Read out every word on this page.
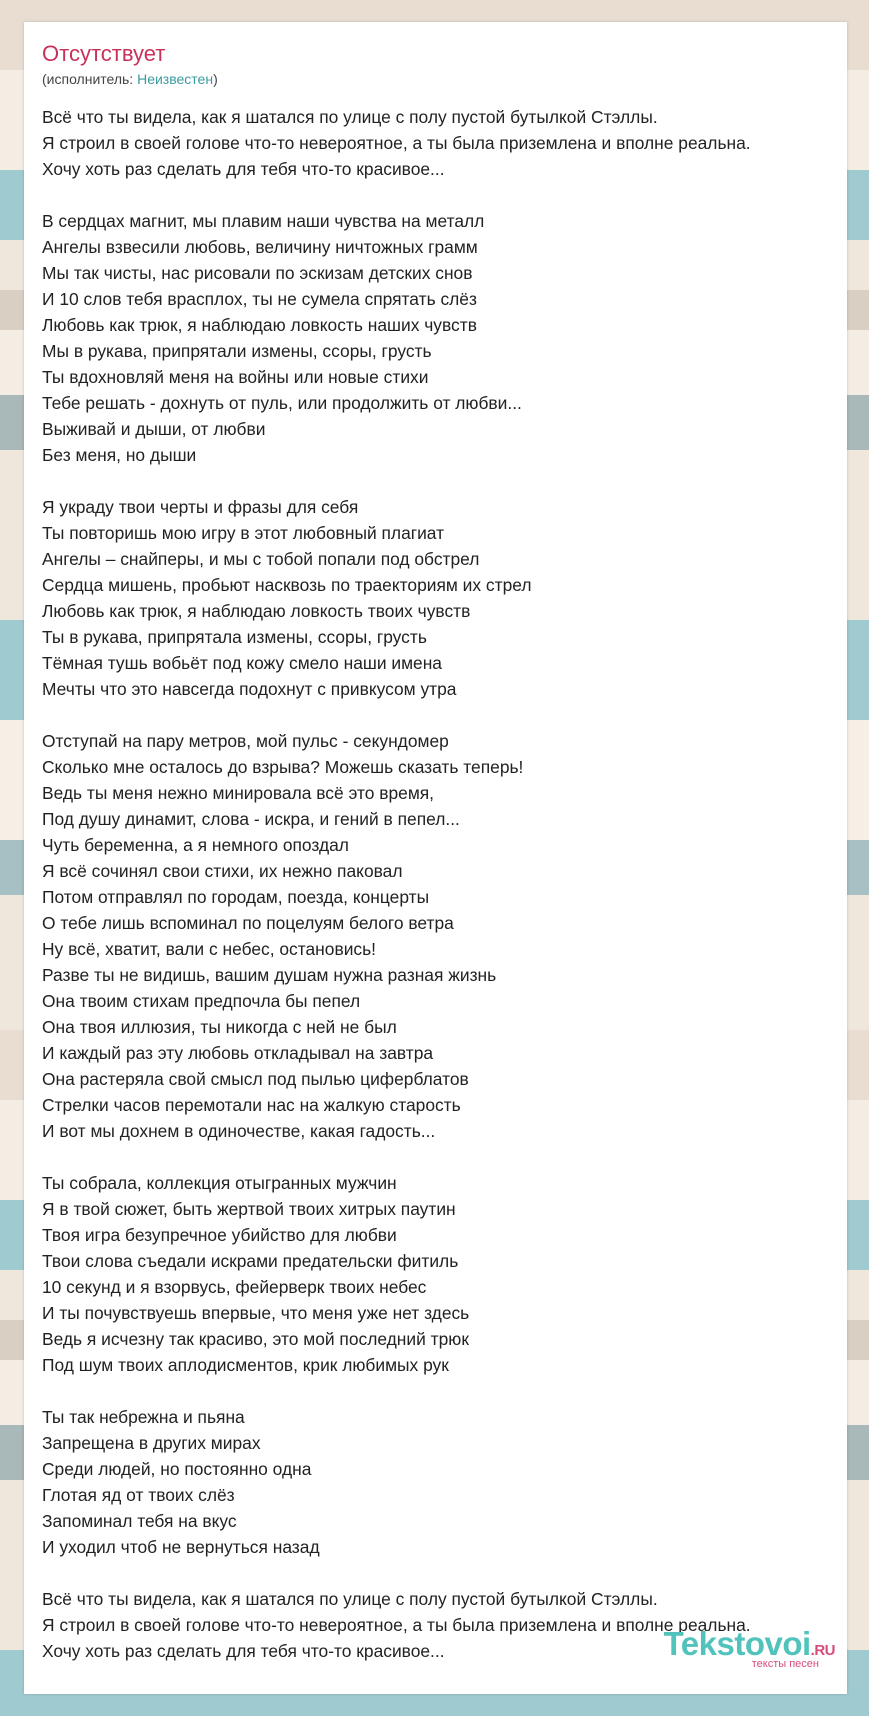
Отсутствует
(исполнитель: Неизвестен)
Всё что ты видела, как я шатался по улице с полу пустой бутылкой Стэллы.
Я строил в своей голове что-то невероятное, а ты была приземлена и вполне реальна.
Хочу хоть раз сделать для тебя что-то красивое...
В сердцах магнит, мы плавим наши чувства на металл
Ангелы взвесили любовь, величину ничтожных грамм
Мы так чисты, нас рисовали по эскизам детских снов
И 10 слов тебя врасплох, ты не сумела спрятать слёз
Любовь как трюк, я наблюдаю ловкость наших чувств
Мы в рукава, припрятали измены, ссоры, грусть
Ты вдохновляй меня на войны или новые стихи
Тебе решать - дохнуть от пуль, или продолжить от любви...
Выживай и дыши, от любви
Без меня, но дыши
Я украду твои черты и фразы для себя
Ты повторишь мою игру в этот любовный плагиат
Ангелы – снайперы, и мы с тобой попали под обстрел
Сердца мишень, пробьют насквозь по траекториям их стрел
Любовь как трюк, я наблюдаю ловкость твоих чувств
Ты в рукава, припрятала измены, ссоры, грусть
Тёмная тушь вобьёт под кожу смело наши имена
Мечты что это навсегда подохнут с привкусом утра
Отступай на пару метров, мой пульс - секундомер
Сколько мне осталось до взрыва? Можешь сказать теперь!
Ведь ты меня нежно минировала всё это время,
Под душу динамит, слова - искра, и гений в пепел...
Чуть беременна, а я немного опоздал
Я всё сочинял свои стихи, их нежно паковал
Потом отправлял по городам, поезда, концерты
О тебе лишь вспоминал по поцелуям белого ветра
Ну всё, хватит, вали с небес, остановись!
Разве ты не видишь, вашим душам нужна разная жизнь
Она твоим стихам предпочла бы пепел
Она твоя иллюзия, ты никогда с ней не был
И каждый раз эту любовь откладывал на завтра
Она растеряла свой смысл под пылью циферблатов
Стрелки часов перемотали нас на жалкую старость
И вот мы дохнем в одиночестве, какая гадость...
Ты собрала, коллекция отыгранных мужчин
Я в твой сюжет, быть жертвой твоих хитрых паутин
Твоя игра безупречное убийство для любви
Твои слова съедали искрами предательски фитиль
10 секунд и я взорвусь, фейерверк твоих небес
И ты почувствуешь впервые, что меня уже нет здесь
Ведь я исчезну так красиво, это мой последний трюк
Под шум твоих аплодисментов, крик любимых рук
Ты так небрежна и пьяна
Запрещена в других мирах
Среди людей, но постоянно одна
Глотая яд от твоих слёз
Запоминал тебя на вкус
И уходил чтоб не вернуться назад
Всё что ты видела, как я шатался по улице с полу пустой бутылкой Стэллы.
Я строил в своей голове что-то невероятное, а ты была приземлена и вполне реальна.
Хочу хоть раз сделать для тебя что-то красивое...	Tekstovoi.RU
тексты песен
